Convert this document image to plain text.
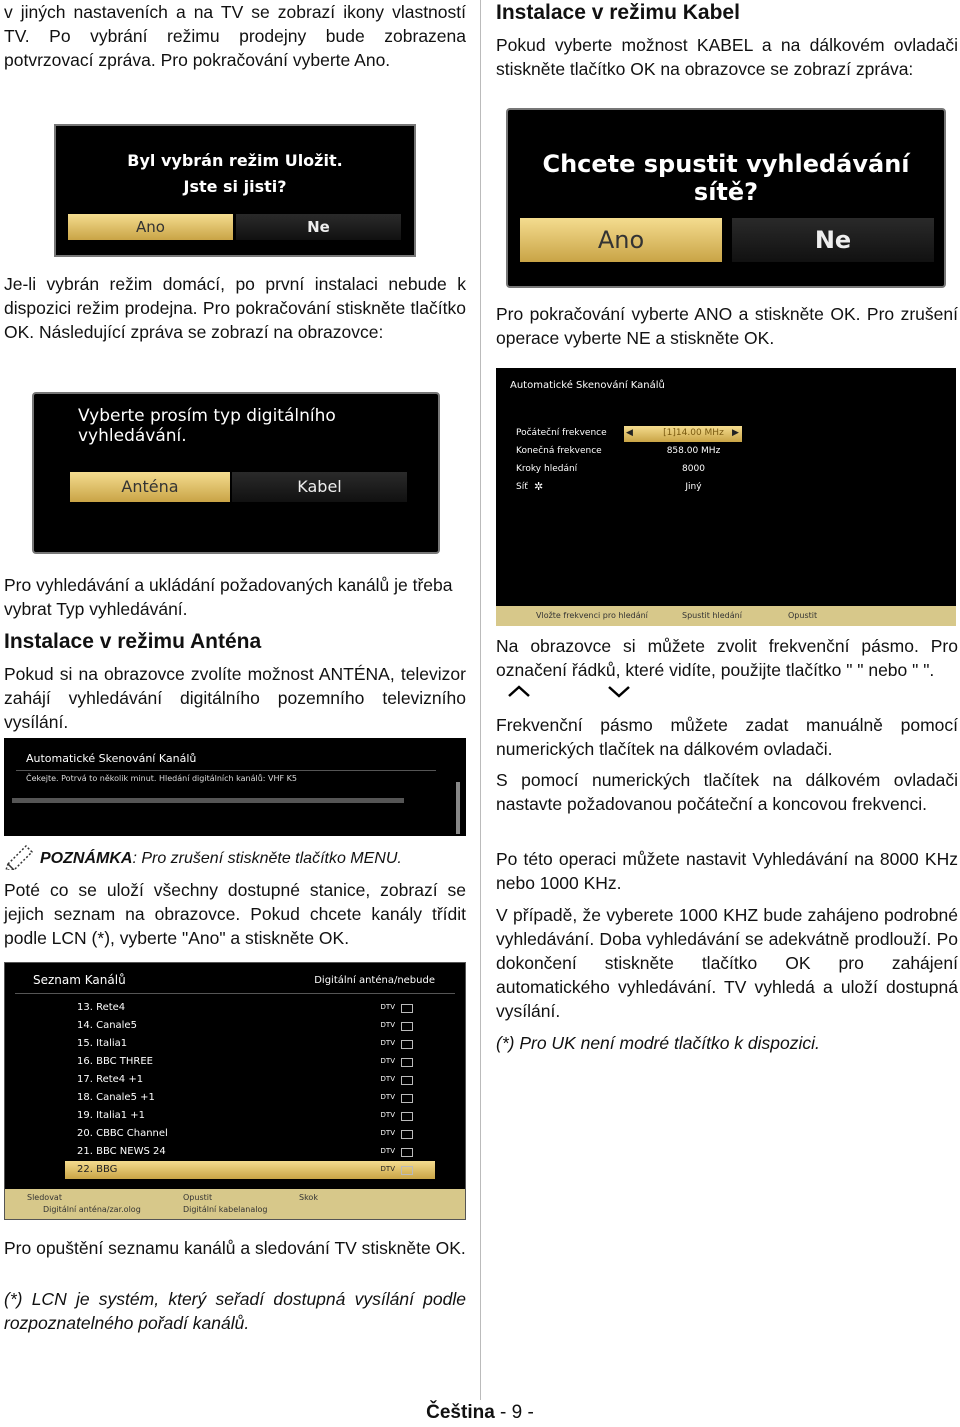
v jiných nastaveních a na TV se zobrazí ikony vlastností TV. Po vybrání režimu prodejny bude zobrazena potvrzovací zpráva. Pro pokračování vyberte Ano.

Byl vybrán režim Uložit.
Jste si jisti?
Ano	Ne

Je-li vybrán režim domácí, po první instalaci nebude k dispozici režim prodejna. Pro pokračování stiskněte tlačítko OK. Následující zpráva se zobrazí na obrazovce:

Vyberte prosím typ digitálního vyhledávání.
Anténa	Kabel

Pro vyhledávání a ukládání požadovaných kanálů je třeba vybrat Typ vyhledávání.

Instalace v režimu Anténa

Pokud si na obrazovce zvolíte možnost ANTÉNA, televizor zahájí vyhledávání digitálního pozemního televizního vysílání.

Automatické Skenování Kanálů
Čekejte. Potrvá to několik minut. Hledání digitálních kanálů: VHF K5

POZNÁMKA: Pro zrušení stiskněte tlačítko MENU.

Poté co se uloží všechny dostupné stanice, zobrazí se jejich seznam na obrazovce. Pokud chcete kanály třídit podle LCN (*), vyberte "Ano" a stiskněte OK.

Seznam Kanálů	Digitální anténa/nebude
13. Rete4	DTV
14. Canale5	DTV
15. Italia1	DTV
16. BBC THREE	DTV
17. Rete4 +1	DTV
18. Canale5 +1	DTV
19. Italia1 +1	DTV
20. CBBC Channel	DTV
21. BBC NEWS 24	DTV
22. BBG	DTV
Sledovat
Digitální anténa/zar.olog
Opustit
Digitální kabelanalog
Skok

Pro opuštění seznamu kanálů a sledování TV stiskněte OK.

(*) LCN je systém, který seřadí dostupná vysílání podle rozpoznatelného pořadí kanálů.

Instalace v režimu Kabel

Pokud vyberte možnost KABEL a na dálkovém ovladači stiskněte tlačítko OK na obrazovce se zobrazí zpráva:

Chcete spustit vyhledávání sítě?
Ano	Ne

Pro pokračování vyberte ANO a stiskněte OK. Pro zrušení operace vyberte NE a stiskněte OK.

Automatické Skenování Kanálů
◀	▶
Počáteční frekvence	[1]14.00 MHz
Konečná frekvence	858.00 MHz
Kroky hledání	8000
✲
Síť	Jiný
Vložte frekvenci pro hledání	Spustit hledání	Opustit

Na obrazovce si můžete zvolit frekvenční pásmo. Pro označení řádků, které vidíte, použijte tlačítko " " nebo " ".

Frekvenční pásmo můžete zadat manuálně pomocí numerických tlačítek na dálkovém ovladači.

S pomocí numerických tlačítek na dálkovém ovladači nastavte požadovanou počáteční a koncovou frekvenci.

Po této operaci můžete nastavit Vyhledávání na 8000 KHz nebo 1000 KHz.

V případě, že vyberete 1000 KHZ bude zahájeno podrobné vyhledávání. Doba vyhledávání se adekvátně prodlouží. Po dokončení stiskněte tlačítko OK pro zahájení automatického vyhledávání. TV vyhledá a uloží dostupná vysílání.

(*) Pro UK není modré tlačítko k dispozici.

Čeština - 9 -
